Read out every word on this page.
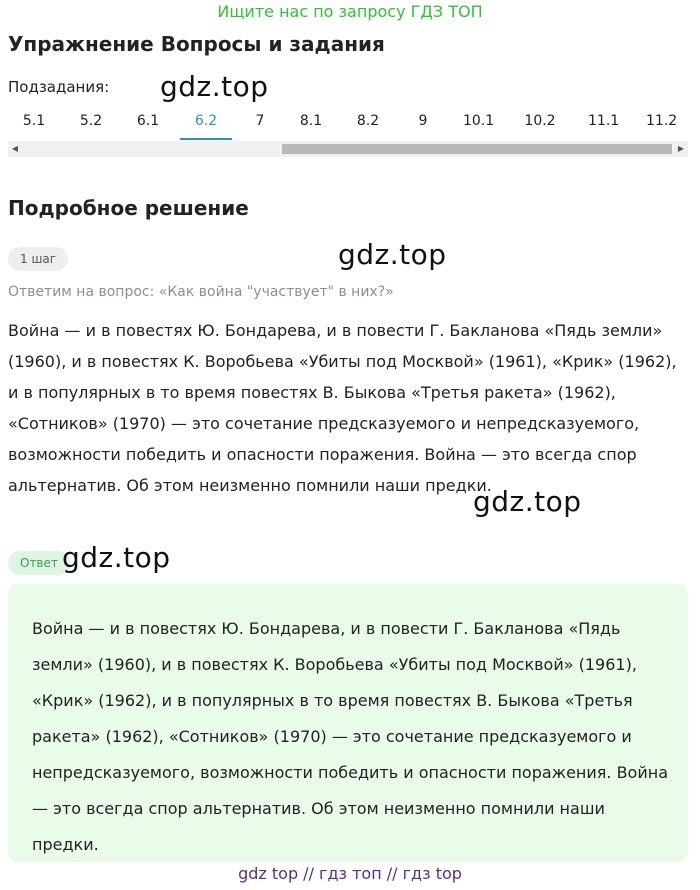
Ищите нас по запросу ГДЗ ТОП
Упражнение Вопросы и задания
Подзадания: gdz.top
5.1 5.2 6.1	6.2	7	8.1 8.2	9	10.1 10.2 11.1 11.2
◀	▶
Подробное решение
1 шаг	gdz.top
Ответим на вопрос: «Как война "участвует" в них?»
Война — и в повестях Ю. Бондарева, и в повести Г. Бакланова «Пядь земли» (1960), и в повестях К. Воробьева «Убиты под Москвой» (1961), «Крик» (1962), и в популярных в то время повестях В. Быкова «Третья ракета» (1962), «Сотников» (1970) — это сочетание предсказуемого и непредсказуемого, возможности победить и опасности поражения. Война — это всегда спор альтернатив. Об этом неизменно помнили наши предки.
gdz.top
Ответ gdz.top
Война — и в повестях Ю. Бондарева, и в повести Г. Бакланова «Пядь земли» (1960), и в повестях К. Воробьева «Убиты под Москвой» (1961), «Крик» (1962), и в популярных в то время повестях В. Быкова «Третья ракета» (1962), «Сотников» (1970) — это сочетание предсказуемого и непредсказуемого, возможности победить и опасности поражения. Война — это всегда спор альтернатив. Об этом неизменно помнили наши предки.
gdz top // гдз топ // гдз top
